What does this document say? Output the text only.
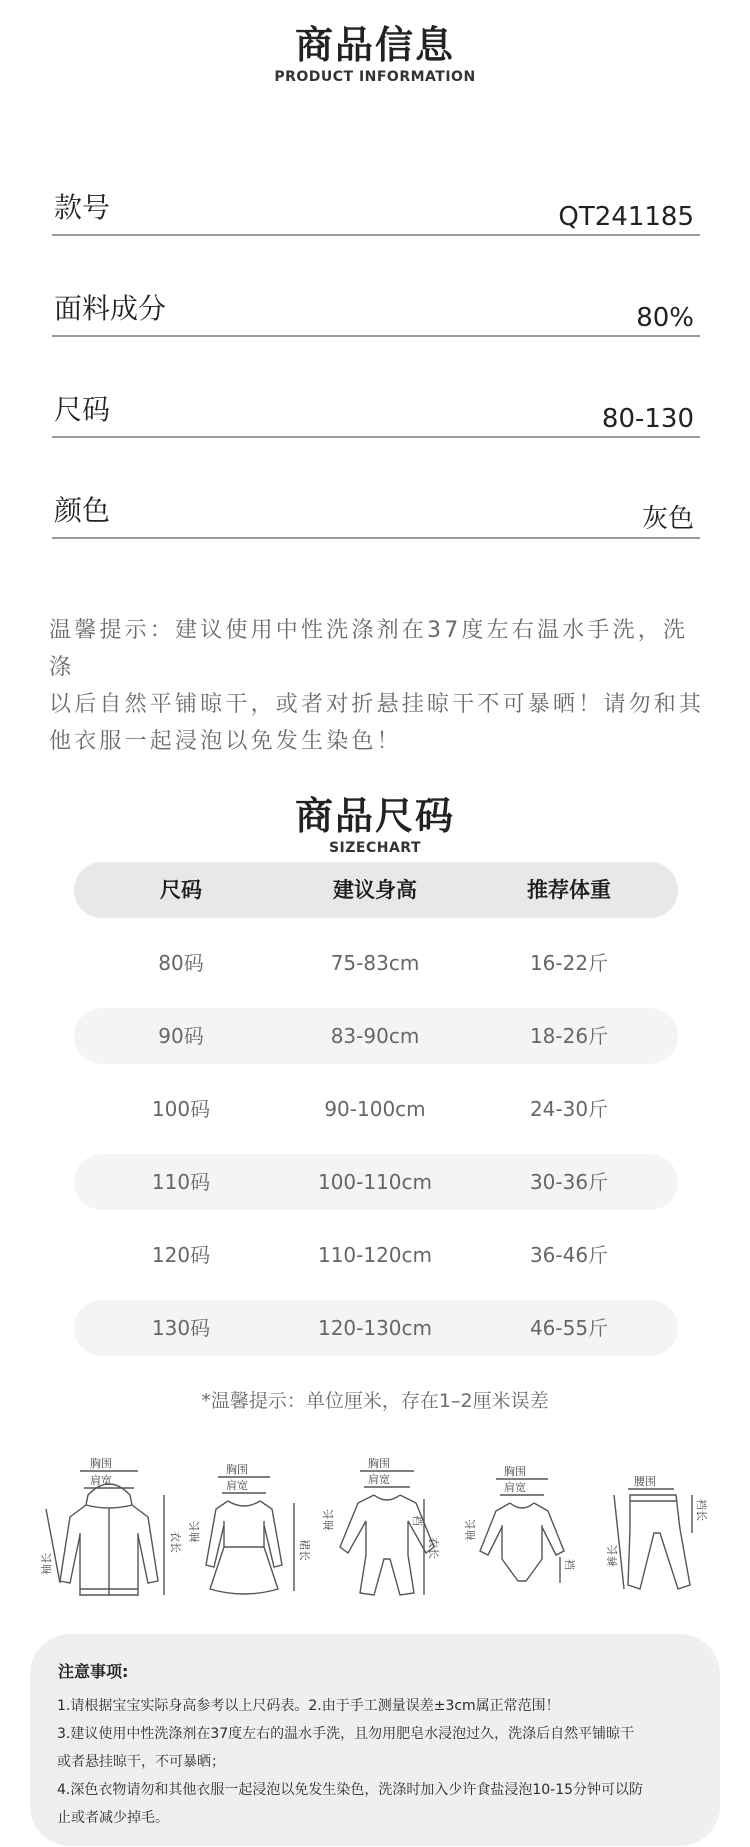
商品信息
PRODUCT INFORMATION
款号	QT241185
面料成分	80%
尺码	80-130
颜色	灰色
温馨提示：建议使用中性洗涤剂在37度左右温水手洗，洗涤
以后自然平铺晾干，或者对折悬挂晾干不可暴晒！请勿和其
他衣服一起浸泡以免发生染色！
商品尺码
SIZECHART
尺码	建议身高	推荐体重
80码	75-83cm	16-22斤
90码	83-90cm	18-26斤
100码	90-100cm	24-30斤
110码	100-110cm	30-36斤
120码	110-120cm	36-46斤
130码	120-130cm	46-55斤
*温馨提示：单位厘米，存在1–2厘米误差
胸围
肩宽
袖长
衣长
胸围
肩宽
袖长
裙长
胸围
肩宽
袖长	裆
衣长
胸围
肩宽
袖长
裆
腰围
裤长
裆长
注意事项:
1.请根据宝宝实际身高参考以上尺码表。2.由于手工测量误差±3cm属正常范围！
3.建议使用中性洗涤剂在37度左右的温水手洗，且勿用肥皂水浸泡过久，洗涤后自然平铺晾干
或者悬挂晾干，不可暴晒；
4.深色衣物请勿和其他衣服一起浸泡以免发生染色，洗涤时加入少许食盐浸泡10-15分钟可以防
止或者减少掉毛。
